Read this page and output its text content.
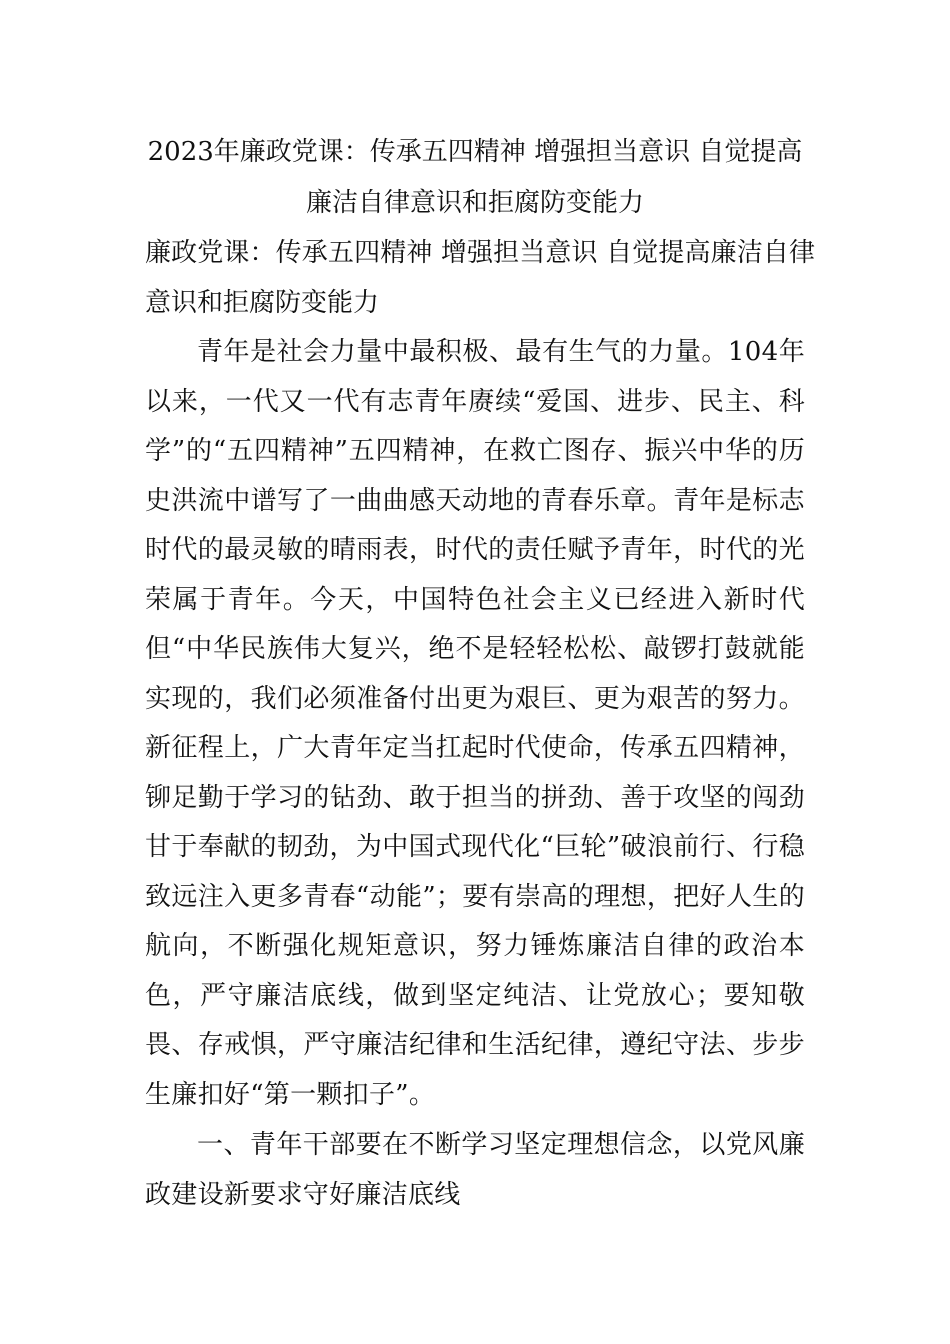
2023年廉政党课：传承五四精神 增强担当意识 自觉提高廉洁自律意识和拒腐防变能力

廉政党课：传承五四精神 增强担当意识 自觉提高廉洁自律意识和拒腐防变能力

青年是社会力量中最积极、最有生气的力量。104年以来，一代又一代有志青年赓续“爱国、进步、民主、科学”的“五四精神”五四精神，在救亡图存、振兴中华的历史洪流中谱写了一曲曲感天动地的青春乐章。青年是标志时代的最灵敏的晴雨表，时代的责任赋予青年，时代的光荣属于青年。今天，中国特色社会主义已经进入新时代但“中华民族伟大复兴，绝不是轻轻松松、敲锣打鼓就能实现的，我们必须准备付出更为艰巨、更为艰苦的努力。新征程上，广大青年定当扛起时代使命，传承五四精神，铆足勤于学习的钻劲、敢于担当的拼劲、善于攻坚的闯劲甘于奉献的韧劲，为中国式现代化“巨轮”破浪前行、行稳致远注入更多青春“动能”；要有崇高的理想，把好人生的航向，不断强化规矩意识，努力锤炼廉洁自律的政治本色，严守廉洁底线，做到坚定纯洁、让党放心；要知敬畏、存戒惧，严守廉洁纪律和生活纪律，遵纪守法、步步生廉扣好“第一颗扣子”。

一、青年干部要在不断学习坚定理想信念，以党风廉政建设新要求守好廉洁底线
